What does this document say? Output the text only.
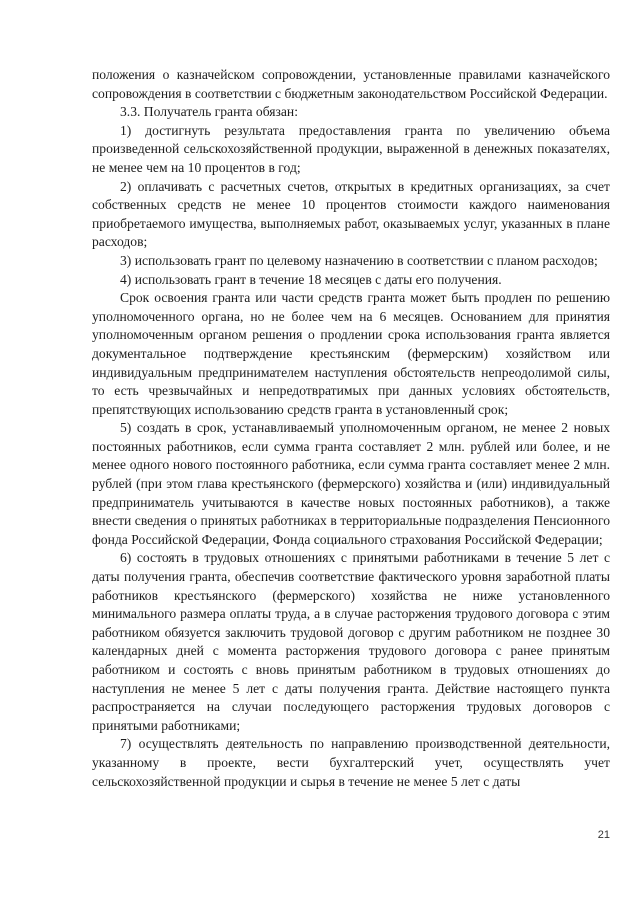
положения о казначейском сопровождении, установленные правилами казначейского сопровождения в соответствии с бюджетным законодательством Российской Федерации.

3.3. Получатель гранта обязан:

1) достигнуть результата предоставления гранта по увеличению объема произведенной сельскохозяйственной продукции, выраженной в денежных показателях, не менее чем на 10 процентов в год;

2) оплачивать с расчетных счетов, открытых в кредитных организациях, за счет собственных средств не менее 10 процентов стоимости каждого наименования приобретаемого имущества, выполняемых работ, оказываемых услуг, указанных в плане расходов;

3) использовать грант по целевому назначению в соответствии с планом расходов;

4) использовать грант в течение 18 месяцев с даты его получения.

Срок освоения гранта или части средств гранта может быть продлен по решению уполномоченного органа, но не более чем на 6 месяцев. Основанием для принятия уполномоченным органом решения о продлении срока использования гранта является документальное подтверждение крестьянским (фермерским) хозяйством или индивидуальным предпринимателем наступления обстоятельств непреодолимой силы, то есть чрезвычайных и непредотвратимых при данных условиях обстоятельств, препятствующих использованию средств гранта в установленный срок;

5) создать в срок, устанавливаемый уполномоченным органом, не менее 2 новых постоянных работников, если сумма гранта составляет 2 млн. рублей или более, и не менее одного нового постоянного работника, если сумма гранта составляет менее 2 млн. рублей (при этом глава крестьянского (фермерского) хозяйства и (или) индивидуальный предприниматель учитываются в качестве новых постоянных работников), а также внести сведения о принятых работниках в территориальные подразделения Пенсионного фонда Российской Федерации, Фонда социального страхования Российской Федерации;

6) состоять в трудовых отношениях с принятыми работниками в течение 5 лет с даты получения гранта, обеспечив соответствие фактического уровня заработной платы работников крестьянского (фермерского) хозяйства не ниже установленного минимального размера оплаты труда, а в случае расторжения трудового договора с этим работником обязуется заключить трудовой договор с другим работником не позднее 30 календарных дней с момента расторжения трудового договора с ранее принятым работником и состоять с вновь принятым работником в трудовых отношениях до наступления не менее 5 лет с даты получения гранта. Действие настоящего пункта распространяется на случаи последующего расторжения трудовых договоров с принятыми работниками;

7) осуществлять деятельность по направлению производственной деятельности, указанному в проекте, вести бухгалтерский учет, осуществлять учет сельскохозяйственной продукции и сырья в течение не менее 5 лет с даты

21
